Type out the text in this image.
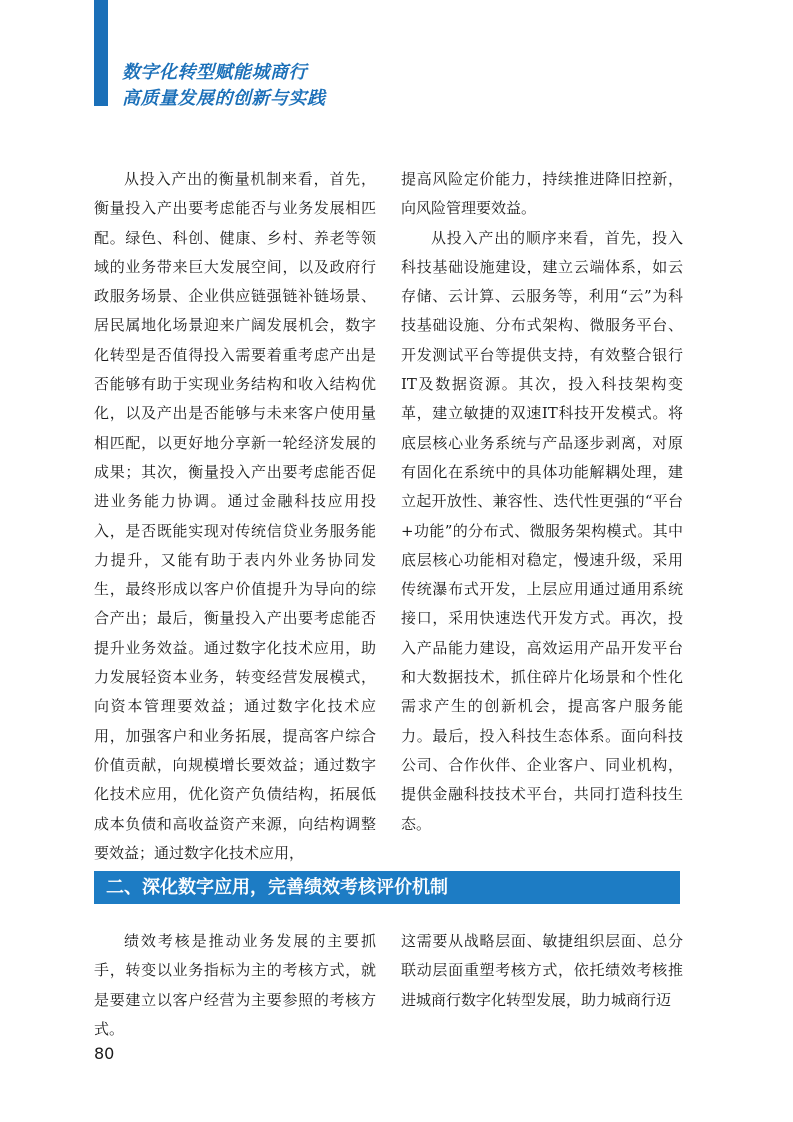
数字化转型赋能城商行
高质量发展的创新与实践

从投入产出的衡量机制来看，首先，衡量投入产出要考虑能否与业务发展相匹配。绿色、科创、健康、乡村、养老等领域的业务带来巨大发展空间，以及政府行政服务场景、企业供应链强链补链场景、居民属地化场景迎来广阔发展机会，数字化转型是否值得投入需要着重考虑产出是否能够有助于实现业务结构和收入结构优化，以及产出是否能够与未来客户使用量相匹配，以更好地分享新一轮经济发展的成果；其次，衡量投入产出要考虑能否促进业务能力协调。通过金融科技应用投入，是否既能实现对传统信贷业务服务能力提升，又能有助于表内外业务协同发生，最终形成以客户价值提升为导向的综合产出；最后，衡量投入产出要考虑能否提升业务效益。通过数字化技术应用，助力发展轻资本业务，转变经营发展模式，向资本管理要效益；通过数字化技术应用，加强客户和业务拓展，提高客户综合价值贡献，向规模增长要效益；通过数字化技术应用，优化资产负债结构，拓展低成本负债和高收益资产来源，向结构调整要效益；通过数字化技术应用，

提高风险定价能力，持续推进降旧控新，向风险管理要效益。

从投入产出的顺序来看，首先，投入科技基础设施建设，建立云端体系，如云存储、云计算、云服务等，利用“云”为科技基础设施、分布式架构、微服务平台、开发测试平台等提供支持，有效整合银行IT及数据资源。其次，投入科技架构变革，建立敏捷的双速IT科技开发模式。将底层核心业务系统与产品逐步剥离，对原有固化在系统中的具体功能解耦处理，建立起开放性、兼容性、迭代性更强的“平台+功能”的分布式、微服务架构模式。其中底层核心功能相对稳定，慢速升级，采用传统瀑布式开发，上层应用通过通用系统接口，采用快速迭代开发方式。再次，投入产品能力建设，高效运用产品开发平台和大数据技术，抓住碎片化场景和个性化需求产生的创新机会，提高客户服务能力。最后，投入科技生态体系。面向科技公司、合作伙伴、企业客户、同业机构，提供金融科技技术平台，共同打造科技生态。

二、深化数字应用，完善绩效考核评价机制

绩效考核是推动业务发展的主要抓手，转变以业务指标为主的考核方式，就是要建立以客户经营为主要参照的考核方式。

这需要从战略层面、敏捷组织层面、总分联动层面重塑考核方式，依托绩效考核推进城商行数字化转型发展，助力城商行迈

80
